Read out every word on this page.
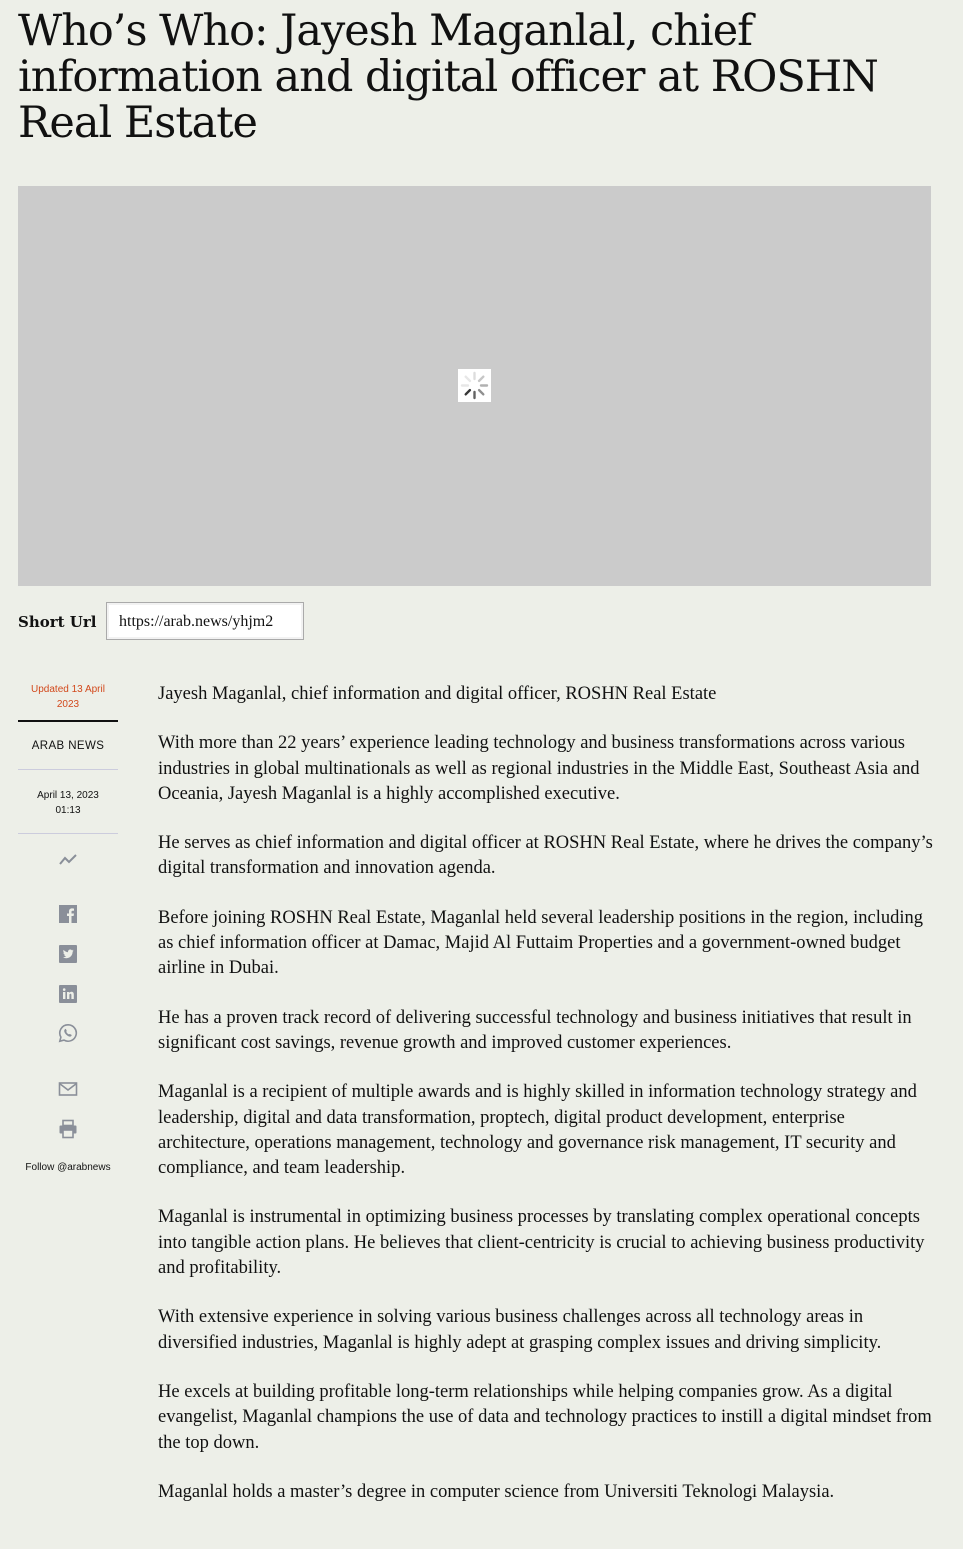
Who’s Who: Jayesh Maganlal, chief information and digital officer at ROSHN Real Estate
Short Url	https://arab.news/yhjm2
Updated 13 April
2023
ARAB NEWS
April 13, 2023
01:13
Follow @arabnews

Jayesh Maganlal, chief information and digital officer, ROSHN Real Estate

With more than 22 years’ experience leading technology and business transformations across various industries in global multinationals as well as regional industries in the Middle East, Southeast Asia and Oceania, Jayesh Maganlal is a highly accomplished executive.

He serves as chief information and digital officer at ROSHN Real Estate, where he drives the company’s digital transformation and innovation agenda.

Before joining ROSHN Real Estate, Maganlal held several leadership positions in the region, including as chief information officer at Damac, Majid Al Futtaim Properties and a government-owned budget airline in Dubai.

He has a proven track record of delivering successful technology and business initiatives that result in significant cost savings, revenue growth and improved customer experiences.

Maganlal is a recipient of multiple awards and is highly skilled in information technology strategy and leadership, digital and data transformation, proptech, digital product development, enterprise architecture, operations management, technology and governance risk management, IT security and compliance, and team leadership.

Maganlal is instrumental in optimizing business processes by translating complex operational concepts into tangible action plans. He believes that client-centricity is crucial to achieving business productivity and profitability.

With extensive experience in solving various business challenges across all technology areas in diversified industries, Maganlal is highly adept at grasping complex issues and driving simplicity.

He excels at building profitable long-term relationships while helping companies grow. As a digital evangelist, Maganlal champions the use of data and technology practices to instill a digital mindset from the top down.

Maganlal holds a master’s degree in computer science from Universiti Teknologi Malaysia.
